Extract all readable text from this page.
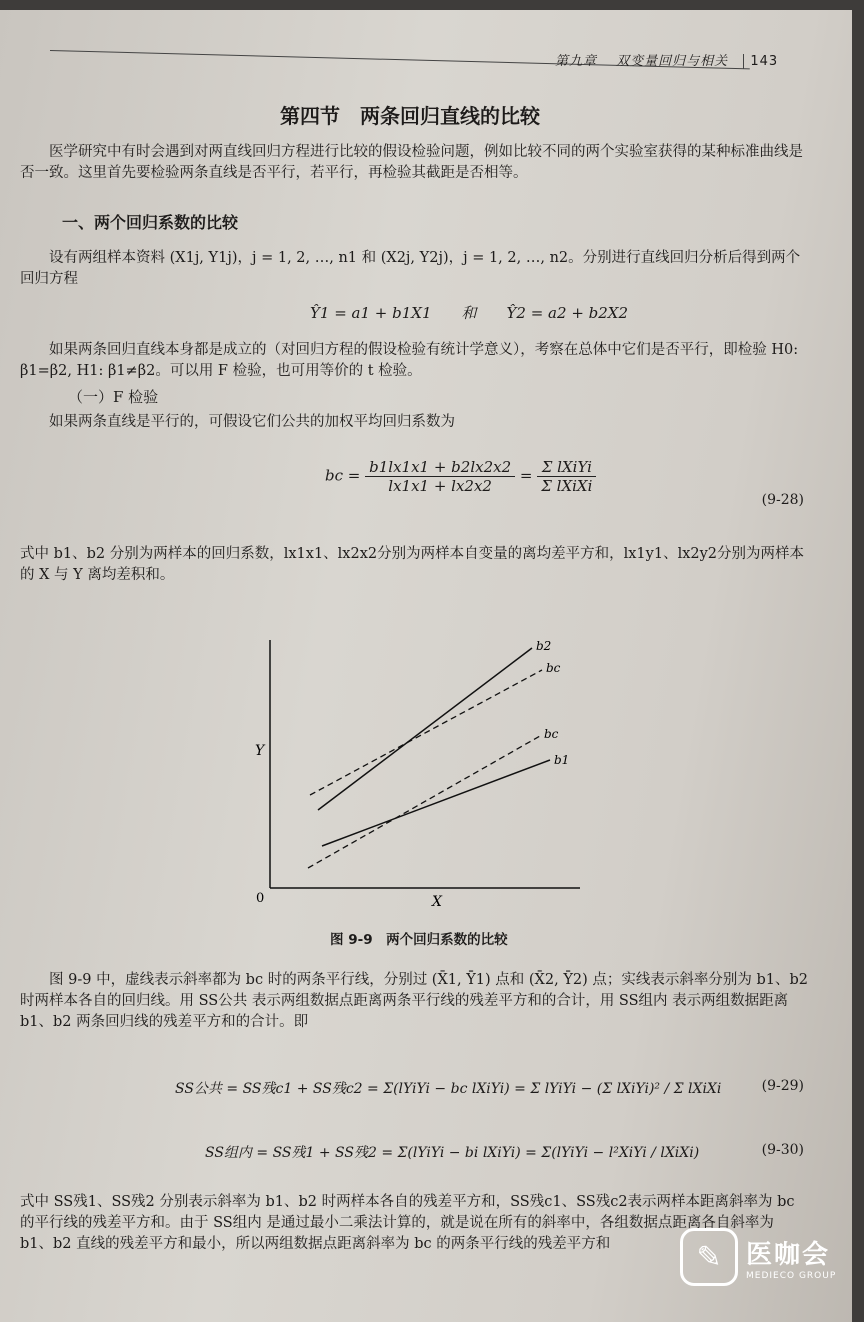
第九章　 双变量回归与相关 143
第四节　两条回归直线的比较
医学研究中有时会遇到对两直线回归方程进行比较的假设检验问题，例如比较不同的两个实验室获得的某种标准曲线是否一致。这里首先要检验两条直线是否平行，若平行，再检验其截距是否相等。
一、两个回归系数的比较
设有两组样本资料 (X1j, Y1j)，j = 1, 2, …, n1 和 (X2j, Y2j)，j = 1, 2, …, n2。分别进行直线回归分析后得到两个回归方程
Ŷ1 = a1 + b1X1　　和　　Ŷ2 = a2 + b2X2
如果两条回归直线本身都是成立的（对回归方程的假设检验有统计学意义），考察在总体中它们是否平行，即检验 H0: β1=β2, H1: β1≠β2。可以用 F 检验，也可用等价的 t 检验。
（一）F 检验
如果两条直线是平行的，可假设它们公共的加权平均回归系数为
bc = $\frac{b1lx1x1 + b2lx2x2}{lx1x1 + lx2x2} = \frac{\text{Σ lXiYi}}{\text{Σ lXiXi}}$
(9-28)
式中 b1、b2 分别为两样本的回归系数，lx1x1、lx2x2分别为两样本自变量的离均差平方和，lx1y1、lx2y2分别为两样本的 X 与 Y 离均差积和。
Y
X
0
b2
bc
bc
b1
图 9-9　两个回归系数的比较
图 9-9 中，虚线表示斜率都为 bc 时的两条平行线，分别过 (X̄1, Ȳ1) 点和 (X̄2, Ȳ2) 点；实线表示斜率分别为 b1、b2 时两样本各自的回归线。用 SS公共 表示两组数据点距离两条平行线的残差平方和的合计，用 SS组内 表示两组数据距离 b1、b2 两条回归线的残差平方和的合计。即
SS公共 = SS残c1 + SS残c2 = Σ(lYiYi − bc lXiYi) = Σ lYiYi − (Σ lXiYi)² / Σ lXiXi	(9-29)
SS组内 = SS残1 + SS残2 = Σ(lYiYi − bi lXiYi) = Σ(lYiYi − l²XiYi / lXiXi)	(9-30)
式中 SS残1、SS残2 分别表示斜率为 b1、b2 时两样本各自的残差平方和，SS残c1、SS残c2表示两样本距离斜率为 bc 的平行线的残差平方和。由于 SS组内 是通过最小二乘法计算的，就是说在所有的斜率中，各组数据点距离各自斜率为 b1、b2 直线的残差平方和最小，所以两组数据点距离斜率为 bc 的两条平行线的残差平方和	✎ 医咖会
MEDIECO GROUP
